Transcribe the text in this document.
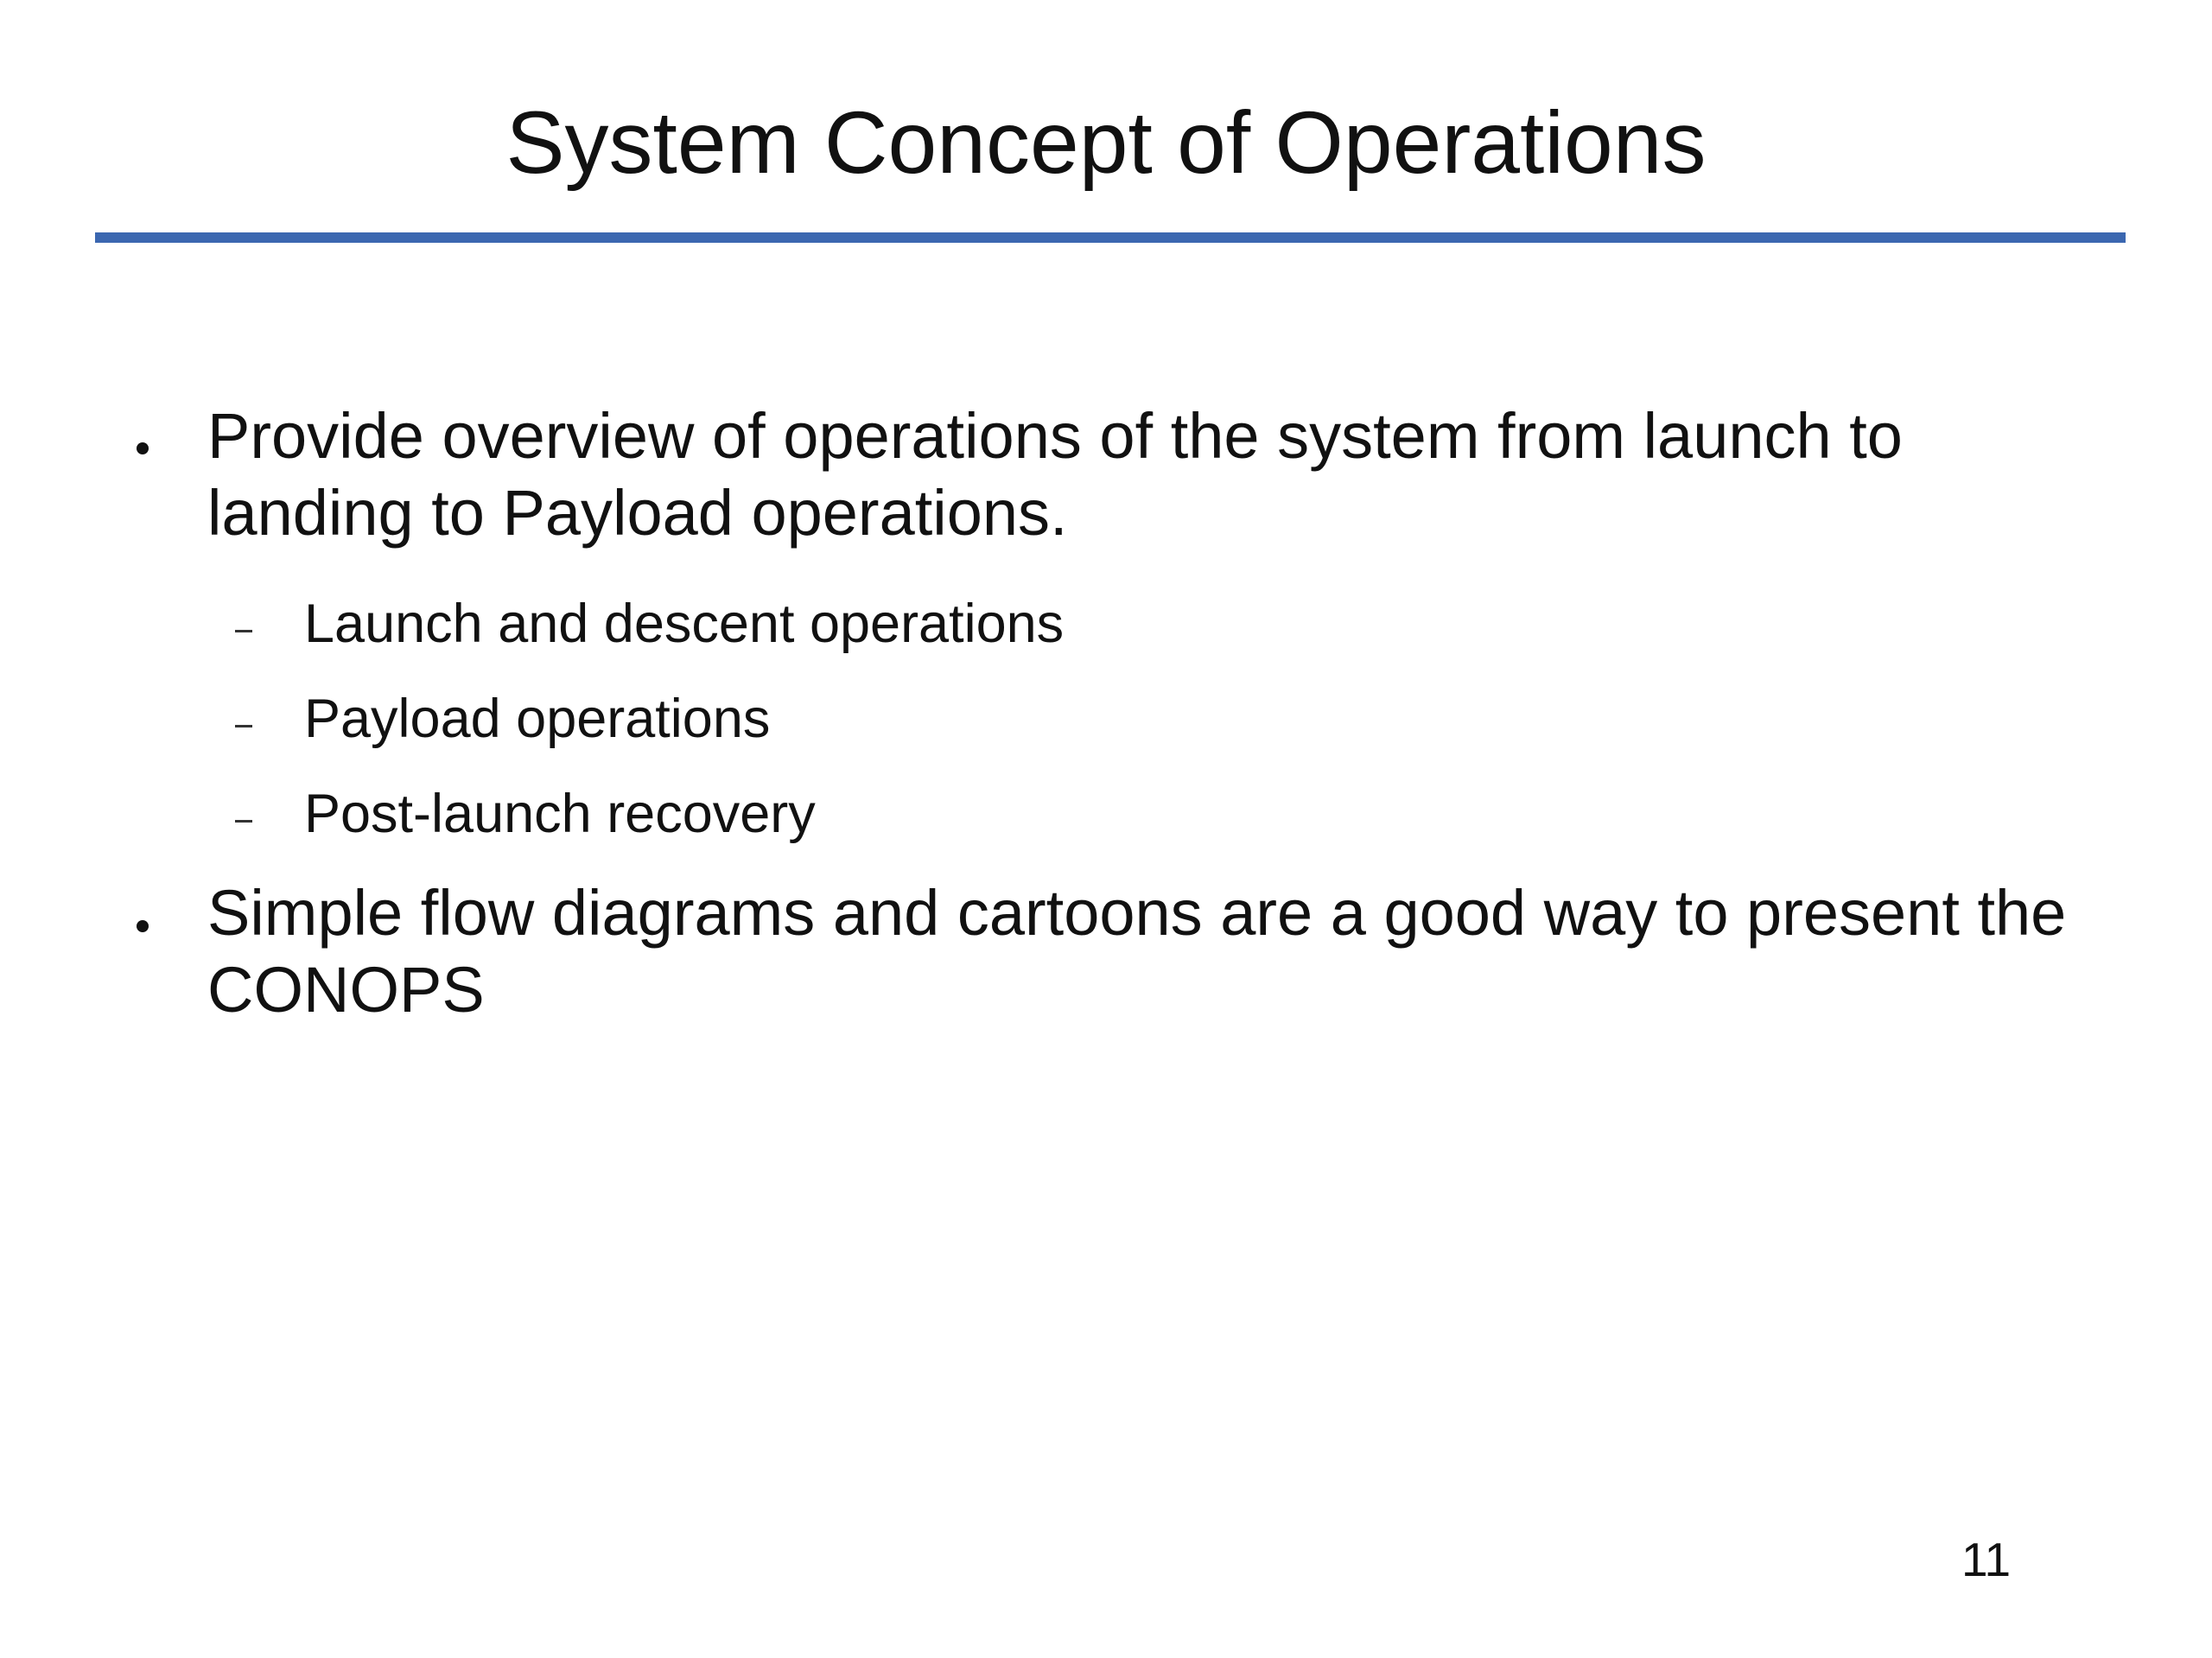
System Concept of Operations
Provide overview of operations of the system from launch to landing to Payload operations.
Launch and descent operations
Payload operations
Post-launch recovery
Simple flow diagrams and cartoons are a good way to present the CONOPS
11
